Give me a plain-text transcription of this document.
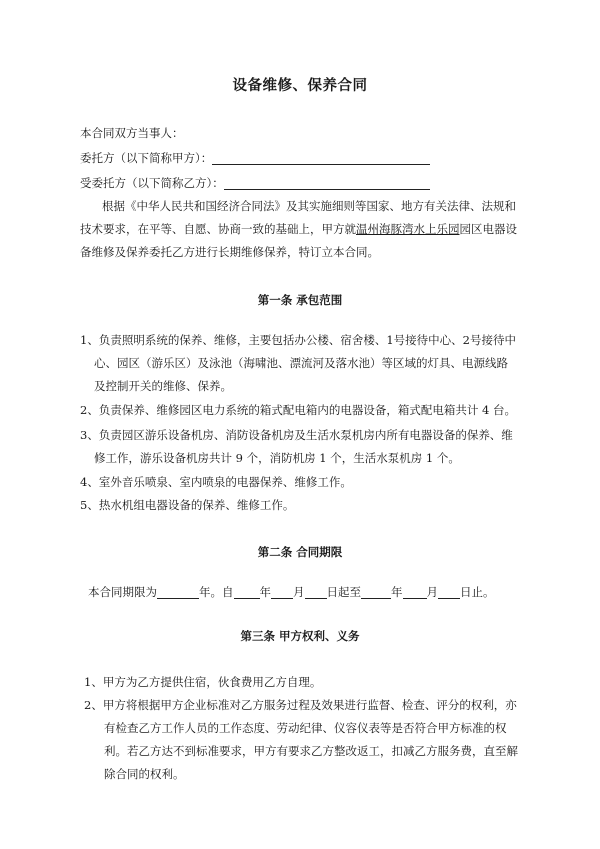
设备维修、保养合同
本合同双方当事人：
委托方（以下简称甲方）：
受委托方（以下简称乙方）：
根据《中华人民共和国经济合同法》及其实施细则等国家、地方有关法律、法规和
技术要求，在平等、自愿、协商一致的基础上，甲方就温州海豚湾水上乐园园区电器设
备维修及保养委托乙方进行长期维修保养，特订立本合同。
第一条 承包范围
1、负责照明系统的保养、维修，主要包括办公楼、宿舍楼、1号接待中心、2号接待中
心、园区（游乐区）及泳池（海啸池、漂流河及落水池）等区域的灯具、电源线路
及控制开关的维修、保养。
2、负责保养、维修园区电力系统的箱式配电箱内的电器设备，箱式配电箱共计 4 台。
3、负责园区游乐设备机房、消防设备机房及生活水泵机房内所有电器设备的保养、维
修工作，游乐设备机房共计 9 个，消防机房 1 个，生活水泵机房 1 个。
4、室外音乐喷泉、室内喷泉的电器保养、维修工作。
5、热水机组电器设备的保养、维修工作。
第二条 合同期限
本合同期限为	年。自 年 月 日起至	年 月 日止。
第三条 甲方权利、义务
1、甲方为乙方提供住宿，伙食费用乙方自理。
2、甲方将根据甲方企业标准对乙方服务过程及效果进行监督、检查、评分的权利，亦
有检查乙方工作人员的工作态度、劳动纪律、仪容仪表等是否符合甲方标准的权
利。若乙方达不到标准要求，甲方有要求乙方整改返工，扣减乙方服务费，直至解
除合同的权利。
